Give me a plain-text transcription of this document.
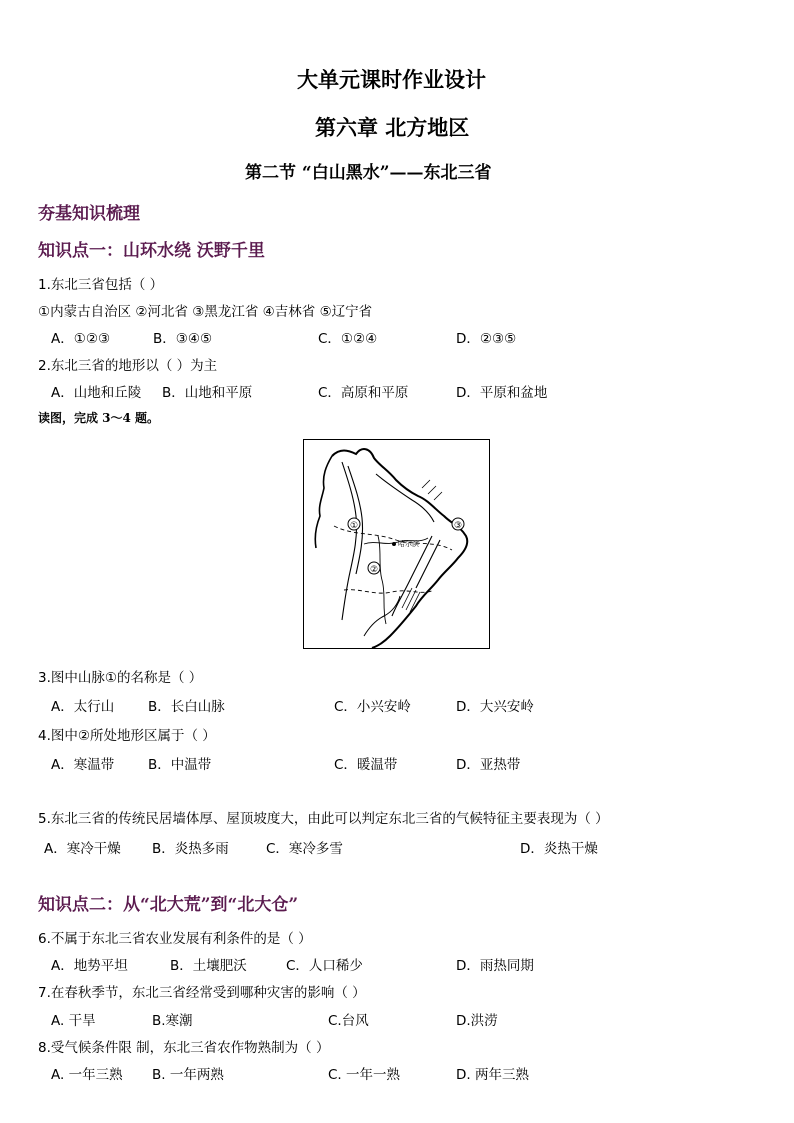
大单元课时作业设计
第六章 北方地区
第二节 “白山黑水”——东北三省
夯基知识梳理
知识点一：山环水绕 沃野千里
1.东北三省包括（ ）
①内蒙古自治区 ②河北省 ③黑龙江省 ④吉林省 ⑤辽宁省
A．①②③	B．③④⑤	C．①②④	D．②③⑤
2.东北三省的地形以（ ）为主
A．山地和丘陵 B．山地和平原	C．高原和平原	D．平原和盆地
读图，完成 3～4 题。
①
②
③
哈尔滨
3.图中山脉①的名称是（ ）
A．太行山	B．长白山脉	C．小兴安岭	D．大兴安岭
4.图中②所处地形区属于（ ）
A．寒温带	B．中温带	C．暖温带	D．亚热带
5.东北三省的传统民居墙体厚、屋顶坡度大，由此可以判定东北三省的气候特征主要表现为（ ）
A．寒冷干燥 B．炎热多雨	C．寒冷多雪	D．炎热干燥
知识点二：从“北大荒”到“北大仓”
6.不属于东北三省农业发展有利条件的是（ ）
A．地势平坦	B．土壤肥沃	C．人口稀少	D．雨热同期
7.在春秋季节，东北三省经常受到哪种灾害的影响（ ）
A. 干旱	B.寒潮	C.台风	D.洪涝
8.受气候条件限 制，东北三省农作物熟制为（ ）
A. 一年三熟 B. 一年两熟	C. 一年一熟	D. 两年三熟
